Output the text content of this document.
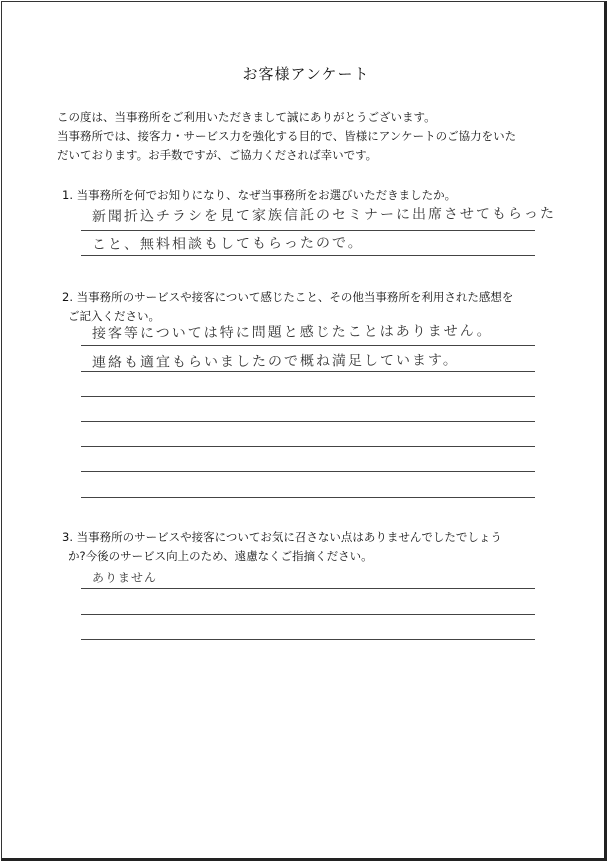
お客様アンケート
この度は、当事務所をご利用いただきまして誠にありがとうございます。
当事務所では、接客力・サービス力を強化する目的で、皆様にアンケートのご協力をいた
だいております。お手数ですが、ご協力くだされば幸いです。
1. 当事務所を何でお知りになり、なぜ当事務所をお選びいただきましたか。
新聞折込チラシを見て家族信託のセミナーに出席させてもらった
こと、無料相談もしてもらったので。
2. 当事務所のサービスや接客について感じたこと、その他当事務所を利用された感想を
ご記入ください。
接客等については特に問題と感じたことはありません。
連絡も適宜もらいましたので概ね満足しています。
3. 当事務所のサービスや接客についてお気に召さない点はありませんでしたでしょう
か?今後のサービス向上のため、遠慮なくご指摘ください。
ありません
